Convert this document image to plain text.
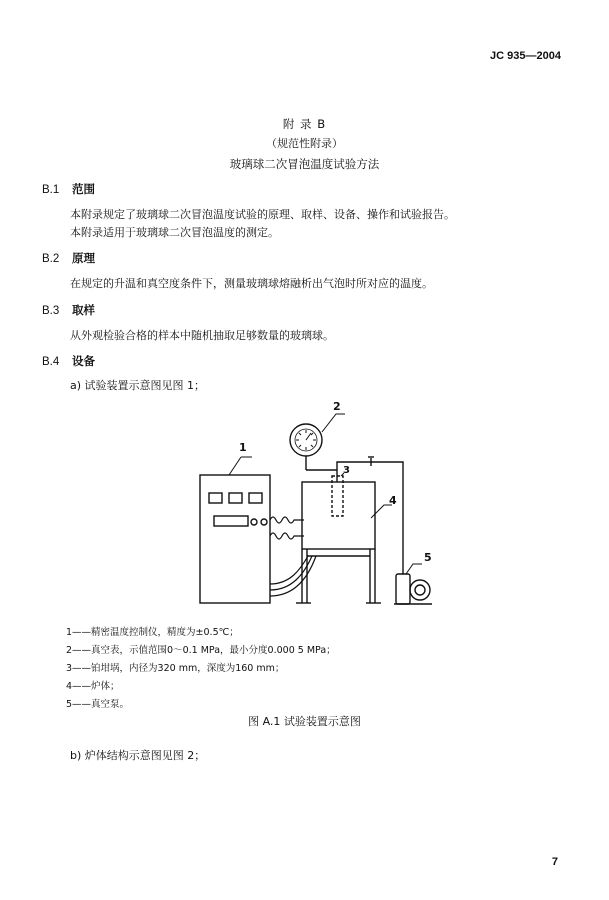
JC 935—2004
附 录 B
（规范性附录）
玻璃球二次冒泡温度试验方法
B.1 范围
本附录规定了玻璃球二次冒泡温度试验的原理、取样、设备、操作和试验报告。
本附录适用于玻璃球二次冒泡温度的测定。
B.2 原理
在规定的升温和真空度条件下，测量玻璃球熔融析出气泡时所对应的温度。
B.3 取样
从外观检验合格的样本中随机抽取足够数量的玻璃球。
B.4 设备
a) 试验装置示意图见图 1；
1
2
3
4
5
1——精密温度控制仪，精度为±0.5℃；
2——真空表，示值范围0～0.1 MPa，最小分度0.000 5 MPa；
3——铂坩埚，内径为320 mm，深度为160 mm；
4——炉体；
5——真空泵。
图 A.1 试验装置示意图
b) 炉体结构示意图见图 2；
7
